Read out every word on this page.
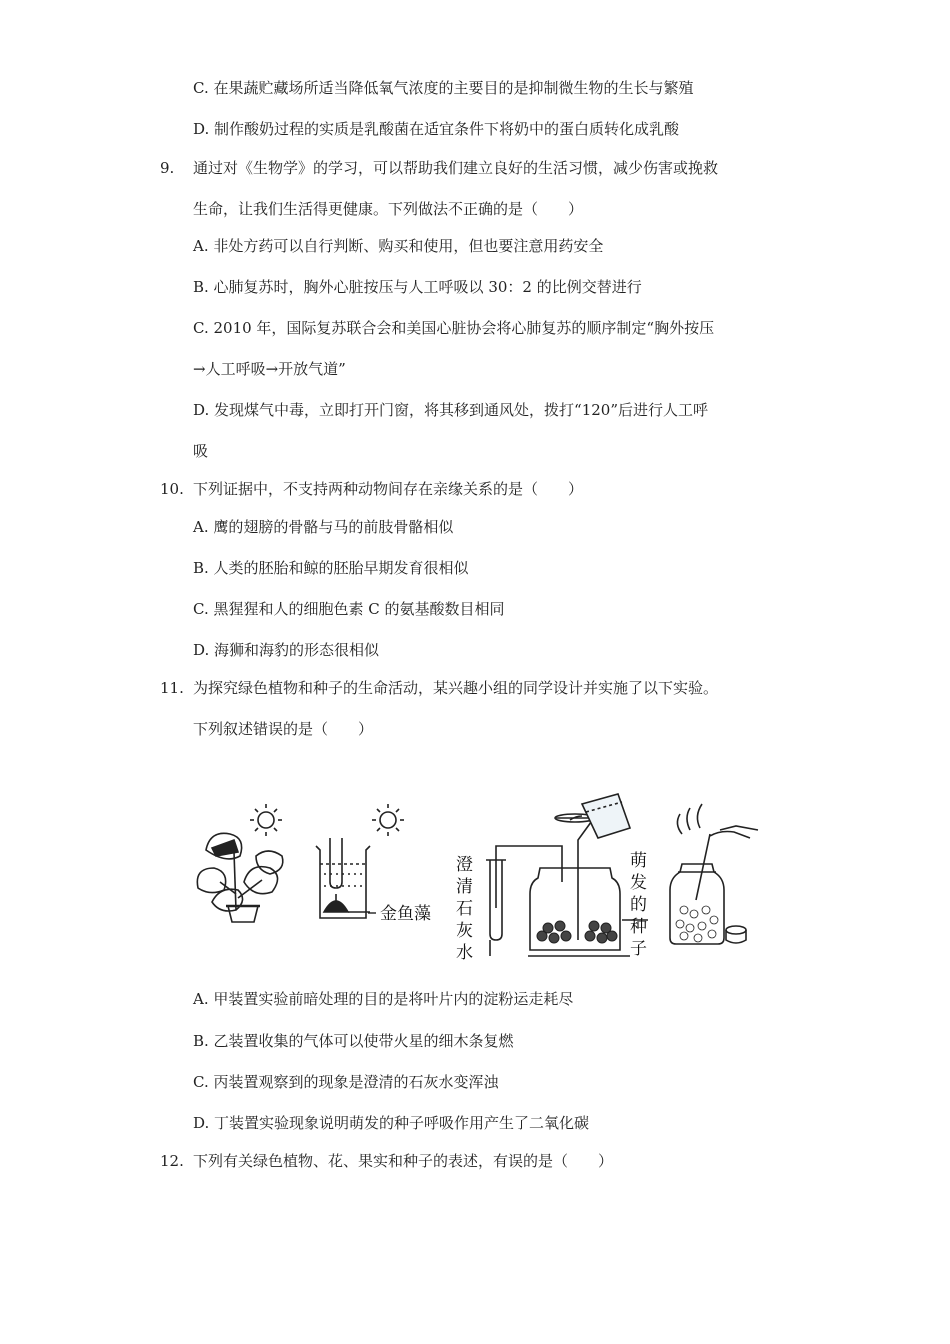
C. 在果蔬贮藏场所适当降低氧气浓度的主要目的是抑制微生物的生长与繁殖
D. 制作酸奶过程的实质是乳酸菌在适宜条件下将奶中的蛋白质转化成乳酸
9. 通过对《生物学》的学习，可以帮助我们建立良好的生活习惯，减少伤害或挽救
生命，让我们生活得更健康。下列做法不正确的是（　　）
A. 非处方药可以自行判断、购买和使用，但也要注意用药安全
B. 心肺复苏时，胸外心脏按压与人工呼吸以 30：2 的比例交替进行
C. 2010 年，国际复苏联合会和美国心脏协会将心肺复苏的顺序制定“胸外按压
→人工呼吸→开放气道”
D. 发现煤气中毒，立即打开门窗，将其移到通风处，拨打“120”后进行人工呼
吸
10. 下列证据中，不支持两种动物间存在亲缘关系的是（　　）
A. 鹰的翅膀的骨骼与马的前肢骨骼相似
B. 人类的胚胎和鲸的胚胎早期发育很相似
C. 黑猩猩和人的细胞色素 C 的氨基酸数目相同
D. 海狮和海豹的形态很相似
11. 为探究绿色植物和种子的生命活动，某兴趣小组的同学设计并实施了以下实验。
下列叙述错误的是（　　）
金鱼藻
澄
清
石
灰
水
萌
发
的
种
子
A. 甲装置实验前暗处理的目的是将叶片内的淀粉运走耗尽
B. 乙装置收集的气体可以使带火星的细木条复燃
C. 丙装置观察到的现象是澄清的石灰水变浑浊
D. 丁装置实验现象说明萌发的种子呼吸作用产生了二氧化碳
12. 下列有关绿色植物、花、果实和种子的表述，有误的是（　　）
